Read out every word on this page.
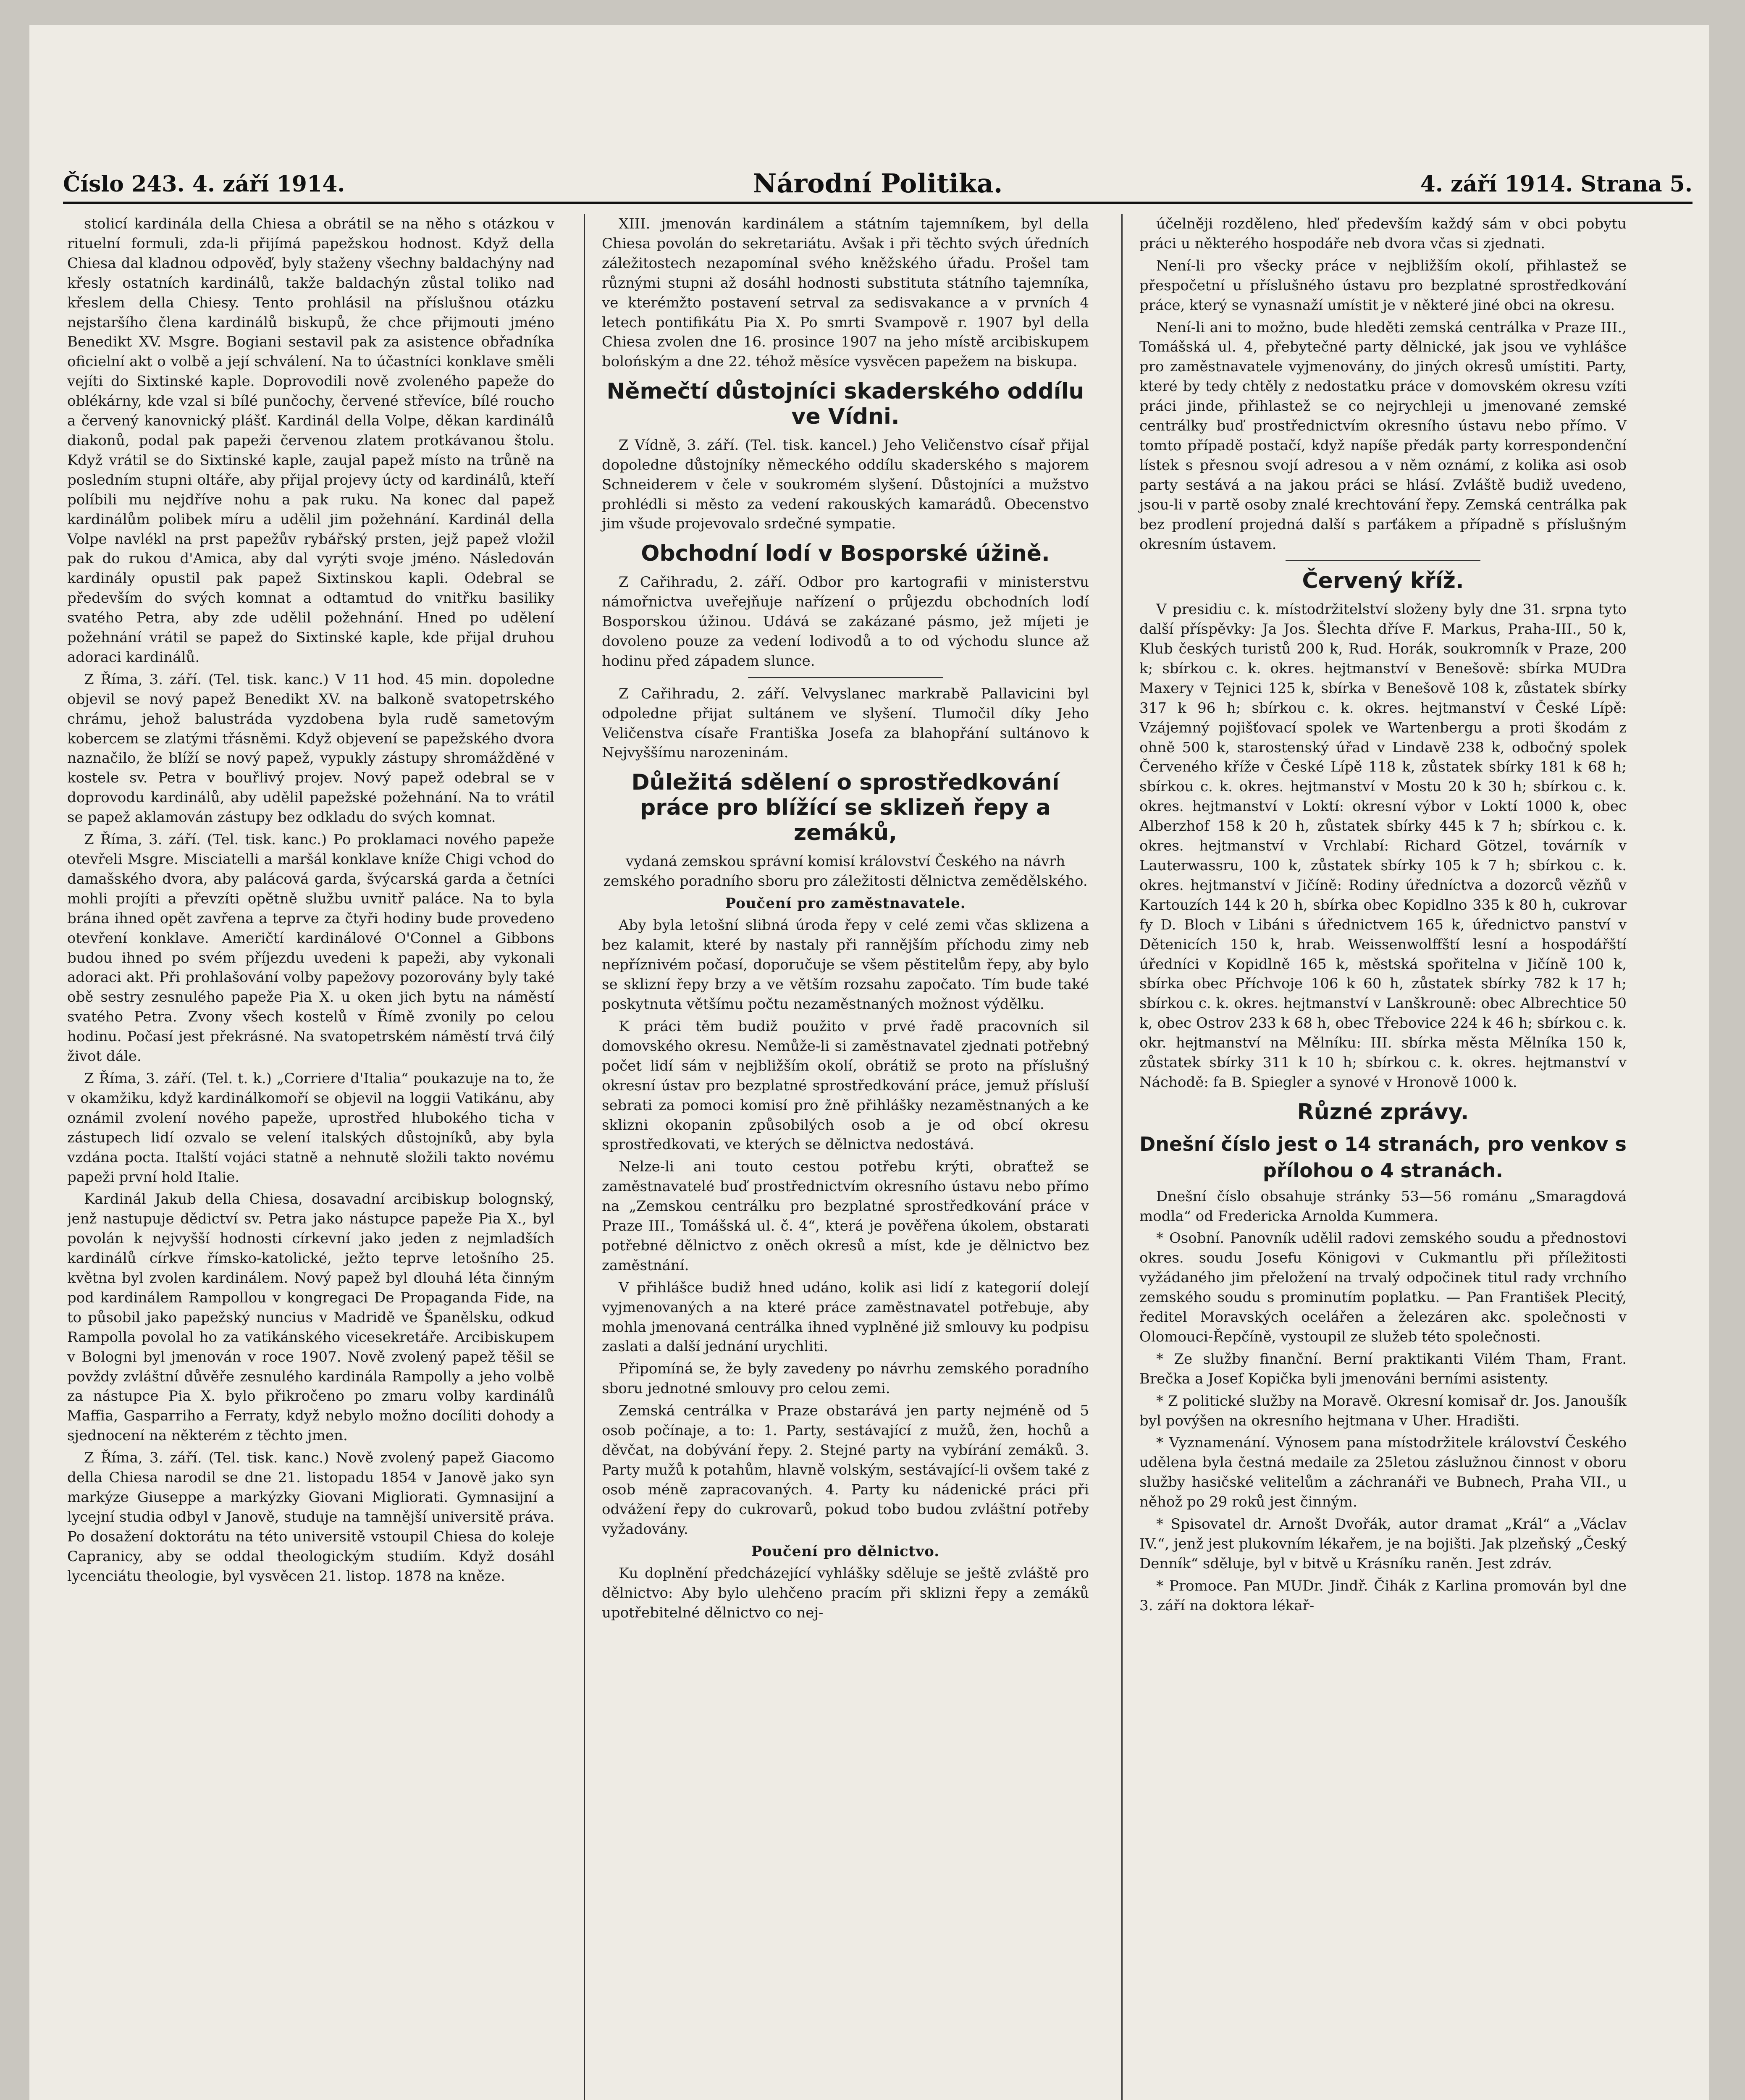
Číslo 243. 4. září 1914.	Národní Politika.	4. září 1914. Strana 5.

stolicí kardinála della Chiesa a obrátil se na něho s otázkou v rituelní formuli, zda-li přijímá papežskou hodnost. Když della Chiesa dal kladnou odpověď, byly staženy všechny baldachýny nad křesly ostatních kardinálů, takže baldachýn zůstal toliko nad křeslem della Chiesy. Tento prohlásil na příslušnou otázku nejstaršího člena kardinálů biskupů, že chce přijmouti jméno Benedikt XV. Msgre. Bogiani sestavil pak za asistence obřadníka oficielní akt o volbě a její schválení. Na to účastníci konklave směli vejíti do Sixtinské kaple. Doprovodili nově zvoleného papeže do oblékárny, kde vzal si bílé punčochy, červené střevíce, bílé roucho a červený kanovnický plášť. Kardinál della Volpe, děkan kardinálů diakonů, podal pak papeži červenou zlatem protkávanou štolu. Když vrátil se do Sixtinské kaple, zaujal papež místo na trůně na posledním stupni oltáře, aby přijal projevy úcty od kardinálů, kteří políbili mu nejdříve nohu a pak ruku. Na konec dal papež kardinálům polibek míru a udělil jim požehnání. Kardinál della Volpe navlékl na prst papežův rybářský prsten, jejž papež vložil pak do rukou d'Amica, aby dal vyrýti svoje jméno. Následován kardinály opustil pak papež Sixtinskou kapli. Odebral se především do svých komnat a odtamtud do vnitřku basiliky svatého Petra, aby zde udělil požehnání. Hned po udělení požehnání vrátil se papež do Sixtinské kaple, kde přijal druhou adoraci kardinálů.

Z Říma, 3. září. (Tel. tisk. kanc.) V 11 hod. 45 min. dopoledne objevil se nový papež Benedikt XV. na balkoně svatopetrského chrámu, jehož balustráda vyzdobena byla rudě sametovým kobercem se zlatými třásněmi. Když objevení se papežského dvora naznačilo, že blíží se nový papež, vypukly zástupy shromážděné v kostele sv. Petra v bouřlivý projev. Nový papež odebral se v doprovodu kardinálů, aby udělil papežské požehnání. Na to vrátil se papež aklamován zástupy bez odkladu do svých komnat.

Z Říma, 3. září. (Tel. tisk. kanc.) Po proklamaci nového papeže otevřeli Msgre. Misciatelli a maršál konklave kníže Chigi vchod do damašského dvora, aby palácová garda, švýcarská garda a četníci mohli projíti a převzíti opětně službu uvnitř paláce. Na to byla brána ihned opět zavřena a teprve za čtyři hodiny bude provedeno otevření konklave. Američtí kardinálové O'Connel a Gibbons budou ihned po svém příjezdu uvedeni k papeži, aby vykonali adoraci akt. Při prohlašování volby papežovy pozorovány byly také obě sestry zesnulého papeže Pia X. u oken jich bytu na náměstí svatého Petra. Zvony všech kostelů v Římě zvonily po celou hodinu. Počasí jest překrásné. Na svatopetrském náměstí trvá čilý život dále.

Z Říma, 3. září. (Tel. t. k.) „Corriere d'Italia“ poukazuje na to, že v okamžiku, když kardinálkomoří se objevil na loggii Vatikánu, aby oznámil zvolení nového papeže, uprostřed hlubokého ticha v zástupech lidí ozvalo se velení italských důstojníků, aby byla vzdána pocta. Italští vojáci statně a nehnutě složili takto novému papeži první hold Italie.

Kardinál Jakub della Chiesa, dosavadní arcibiskup bolognský, jenž nastupuje dědictví sv. Petra jako nástupce papeže Pia X., byl povolán k nejvyšší hodnosti církevní jako jeden z nejmladších kardinálů církve římsko-katolické, ježto teprve letošního 25. května byl zvolen kardinálem. Nový papež byl dlouhá léta činným pod kardinálem Rampollou v kongregaci De Propaganda Fide, na to působil jako papežský nuncius v Madridě ve Španělsku, odkud Rampolla povolal ho za vatikánského vicesekretáře. Arcibiskupem v Bologni byl jmenován v roce 1907. Nově zvolený papež těšil se povždy zvláštní důvěře zesnulého kardinála Rampolly a jeho volbě za nástupce Pia X. bylo přikročeno po zmaru volby kardinálů Maffia, Gasparriho a Ferraty, když nebylo možno docíliti dohody a sjednocení na některém z těchto jmen.

Z Říma, 3. září. (Tel. tisk. kanc.) Nově zvolený papež Giacomo della Chiesa narodil se dne 21. listopadu 1854 v Janově jako syn markýze Giuseppe a markýzky Giovani Migliorati. Gymnasijní a lycejní studia odbyl v Janově, studuje na tamnější universitě práva. Po dosažení doktorátu na této universitě vstoupil Chiesa do koleje Capranicy, aby se oddal theologickým studiím. Když dosáhl lycenciátu theologie, byl vysvěcen 21. listop. 1878 na kněze.

XIII. jmenován kardinálem a státním tajemníkem, byl della Chiesa povolán do sekretariátu. Avšak i při těchto svých úředních záležitostech nezapomínal svého kněžského úřadu. Prošel tam různými stupni až dosáhl hodnosti substituta státního tajemníka, ve kterémžto postavení setrval za sedisvakance a v prvních 4 letech pontifikátu Pia X. Po smrti Svampově r. 1907 byl della Chiesa zvolen dne 16. prosince 1907 na jeho místě arcibiskupem bolońským a dne 22. téhož měsíce vysvěcen papežem na biskupa.

Němečtí důstojníci skaderského oddílu ve Vídni.

Z Vídně, 3. září. (Tel. tisk. kancel.) Jeho Veličenstvo císař přijal dopoledne důstojníky německého oddílu skaderského s majorem Schneiderem v čele v soukromém slyšení. Důstojníci a mužstvo prohlédli si město za vedení rakouských kamarádů. Obecenstvo jim všude projevovalo srdečné sympatie.

Obchodní lodí v Bosporské úžině.

Z Cařihradu, 2. září. Odbor pro kartografii v ministerstvu námořnictva uveřejňuje nařízení o průjezdu obchodních lodí Bosporskou úžinou. Udává se zakázané pásmo, jež míjeti je dovoleno pouze za vedení lodivodů a to od východu slunce až hodinu před západem slunce.

Z Cařihradu, 2. září. Velvyslanec markrabě Pallavicini byl odpoledne přijat sultánem ve slyšení. Tlumočil díky Jeho Veličenstva císaře Františka Josefa za blahopřání sultánovo k Nejvyššímu narozeninám.

Důležitá sdělení o sprostředkování práce pro blížící se sklizeň řepy a zemáků,

vydaná zemskou správní komisí království Českého na návrh zemského poradního sboru pro záležitosti dělnictva zemědělského.

Poučení pro zaměstnavatele.

Aby byla letošní slibná úroda řepy v celé zemi včas sklizena a bez kalamit, které by nastaly při rannějším příchodu zimy neb nepříznivém počasí, doporučuje se všem pěstitelům řepy, aby bylo se sklizní řepy brzy a ve větším rozsahu započato. Tím bude také poskytnuta většímu počtu nezaměstnaných možnost výdělku.

K práci těm budiž použito v prvé řadě pracovních sil domovského okresu. Nemůže-li si zaměstnavatel zjednati potřebný počet lidí sám v nejbližším okolí, obrátiž se proto na příslušný okresní ústav pro bezplatné sprostředkování práce, jemuž přísluší sebrati za pomoci komisí pro žně přihlášky nezaměstnaných a ke sklizni okopanin způsobilých osob a je od obcí okresu sprostředkovati, ve kterých se dělnictva nedostává.

Nelze-li ani touto cestou potřebu krýti, obraťtež se zaměstnavatelé buď prostřednictvím okresního ústavu nebo přímo na „Zemskou centrálku pro bezplatné sprostředkování práce v Praze III., Tomášská ul. č. 4“, která je pověřena úkolem, obstarati potřebné dělnictvo z oněch okresů a míst, kde je dělnictvo bez zaměstnání.

V přihlášce budiž hned udáno, kolik asi lidí z kategorií dolejí vyjmenovaných a na které práce zaměstnavatel potřebuje, aby mohla jmenovaná centrálka ihned vyplněné již smlouvy ku podpisu zaslati a další jednání urychliti.

Připomíná se, že byly zavedeny po návrhu zemského poradního sboru jednotné smlouvy pro celou zemi.

Zemská centrálka v Praze obstarává jen party nejméně od 5 osob počínaje, a to: 1. Party, sestávající z mužů, žen, hochů a děvčat, na dobývání řepy. 2. Stejné party na vybírání zemáků. 3. Party mužů k potahům, hlavně volským, sestávající-li ovšem také z osob méně zapracovaných. 4. Party ku nádenické práci při odvážení řepy do cukrovarů, pokud tobo budou zvláštní potřeby vyžadovány.

Poučení pro dělnictvo.

Ku doplnění předcházející vyhlášky sděluje se ještě zvláště pro dělnictvo: Aby bylo ulehčeno pracím při sklizni řepy a zemáků upotřebitelné dělnictvo co nej-

účelněji rozděleno, hleď především každý sám v obci pobytu práci u některého hospodáře neb dvora včas si zjednati.

Není-li pro všecky práce v nejbližším okolí, přihlastež se přespočetní u příslušného ústavu pro bezplatné sprostředkování práce, který se vynasnaží umístit je v některé jiné obci na okresu.

Není-li ani to možno, bude hleděti zemská centrálka v Praze III., Tomášská ul. 4, přebytečné party dělnické, jak jsou ve vyhlášce pro zaměstnavatele vyjmenovány, do jiných okresů umístiti. Party, které by tedy chtěly z nedostatku práce v domovském okresu vzíti práci jinde, přihlastež se co nejrychleji u jmenované zemské centrálky buď prostřednictvím okresního ústavu nebo přímo. V tomto případě postačí, když napíše předák party korrespondenční lístek s přesnou svojí adresou a v něm oznámí, z kolika asi osob party sestává a na jakou práci se hlásí. Zvláště budiž uvedeno, jsou-li v partě osoby znalé krechtování řepy. Zemská centrálka pak bez prodlení projedná další s parťákem a případně s příslušným okresním ústavem.

Červený kříž.

V presidiu c. k. místodržitelství složeny byly dne 31. srpna tyto další příspěvky: Ja Jos. Šlechta dříve F. Markus, Praha-III., 50 k, Klub českých turistů 200 k, Rud. Horák, soukromník v Praze, 200 k; sbírkou c. k. okres. hejtmanství v Benešově: sbírka MUDra Maxery v Tejnici 125 k, sbírka v Benešově 108 k, zůstatek sbírky 317 k 96 h; sbírkou c. k. okres. hejtmanství v České Lípě: Vzájemný pojišťovací spolek ve Wartenbergu a proti škodám z ohně 500 k, starostenský úřad v Lindavě 238 k, odbočný spolek Červeného kříže v České Lípě 118 k, zůstatek sbírky 181 k 68 h; sbírkou c. k. okres. hejtmanství v Mostu 20 k 30 h; sbírkou c. k. okres. hejtmanství v Loktí: okresní výbor v Loktí 1000 k, obec Alberzhof 158 k 20 h, zůstatek sbírky 445 k 7 h; sbírkou c. k. okres. hejtmanství v Vrchlabí: Richard Götzel, továrník v Lauterwassru, 100 k, zůstatek sbírky 105 k 7 h; sbírkou c. k. okres. hejtmanství v Jičíně: Rodiny úředníctva a dozorců vězňů v Kartouzích 144 k 20 h, sbírka obec Kopidlno 335 k 80 h, cukrovar fy D. Bloch v Libáni s úřednictvem 165 k, úřednictvo panství v Dětenicích 150 k, hrab. Weissenwolffští lesní a hospodářští úředníci v Kopidlně 165 k, městská spořitelna v Jičíně 100 k, sbírka obec Příchvoje 106 k 60 h, zůstatek sbírky 782 k 17 h; sbírkou c. k. okres. hejtmanství v Lanškrouně: obec Albrechtice 50 k, obec Ostrov 233 k 68 h, obec Třebovice 224 k 46 h; sbírkou c. k. okr. hejtmanství na Mělníku: III. sbírka města Mělníka 150 k, zůstatek sbírky 311 k 10 h; sbírkou c. k. okres. hejtmanství v Náchodě: fa B. Spiegler a synové v Hronově 1000 k.

Různé zprávy.

Dnešní číslo jest o 14 stranách, pro venkov s přílohou o 4 stranách.

Dnešní číslo obsahuje stránky 53—56 románu „Smaragdová modla“ od Fredericka Arnolda Kummera.

* Osobní. Panovník udělil radovi zemského soudu a přednostovi okres. soudu Josefu Königovi v Cukmantlu při příležitosti vyžádaného jim přeložení na trvalý odpočinek titul rady vrchního zemského soudu s prominutím poplatku. — Pan František Plecitý, ředitel Moravských ocelářen a železáren akc. společnosti v Olomouci-Řepčíně, vystoupil ze služeb této společnosti.

* Ze služby finanční. Berní praktikanti Vilém Tham, Frant. Brečka a Josef Kopička byli jmenováni berními asistenty.

* Z politické služby na Moravě. Okresní komisař dr. Jos. Janoušík byl povýšen na okresního hejtmana v Uher. Hradišti.

* Vyznamenání. Výnosem pana místodržitele království Českého udělena byla čestná medaile za 25letou záslužnou činnost v oboru služby hasičské velitelům a záchranáři ve Bubnech, Praha VII., u něhož po 29 roků jest činným.

* Spisovatel dr. Arnošt Dvořák, autor dramat „Král“ a „Václav IV.“, jenž jest plukovním lékařem, je na bojišti. Jak plzeňský „Český Denník“ sděluje, byl v bitvě u Krásníku raněn. Jest zdráv.

* Promoce. Pan MUDr. Jindř. Čihák z Karlina promován byl dne 3. září na doktora lékař-
